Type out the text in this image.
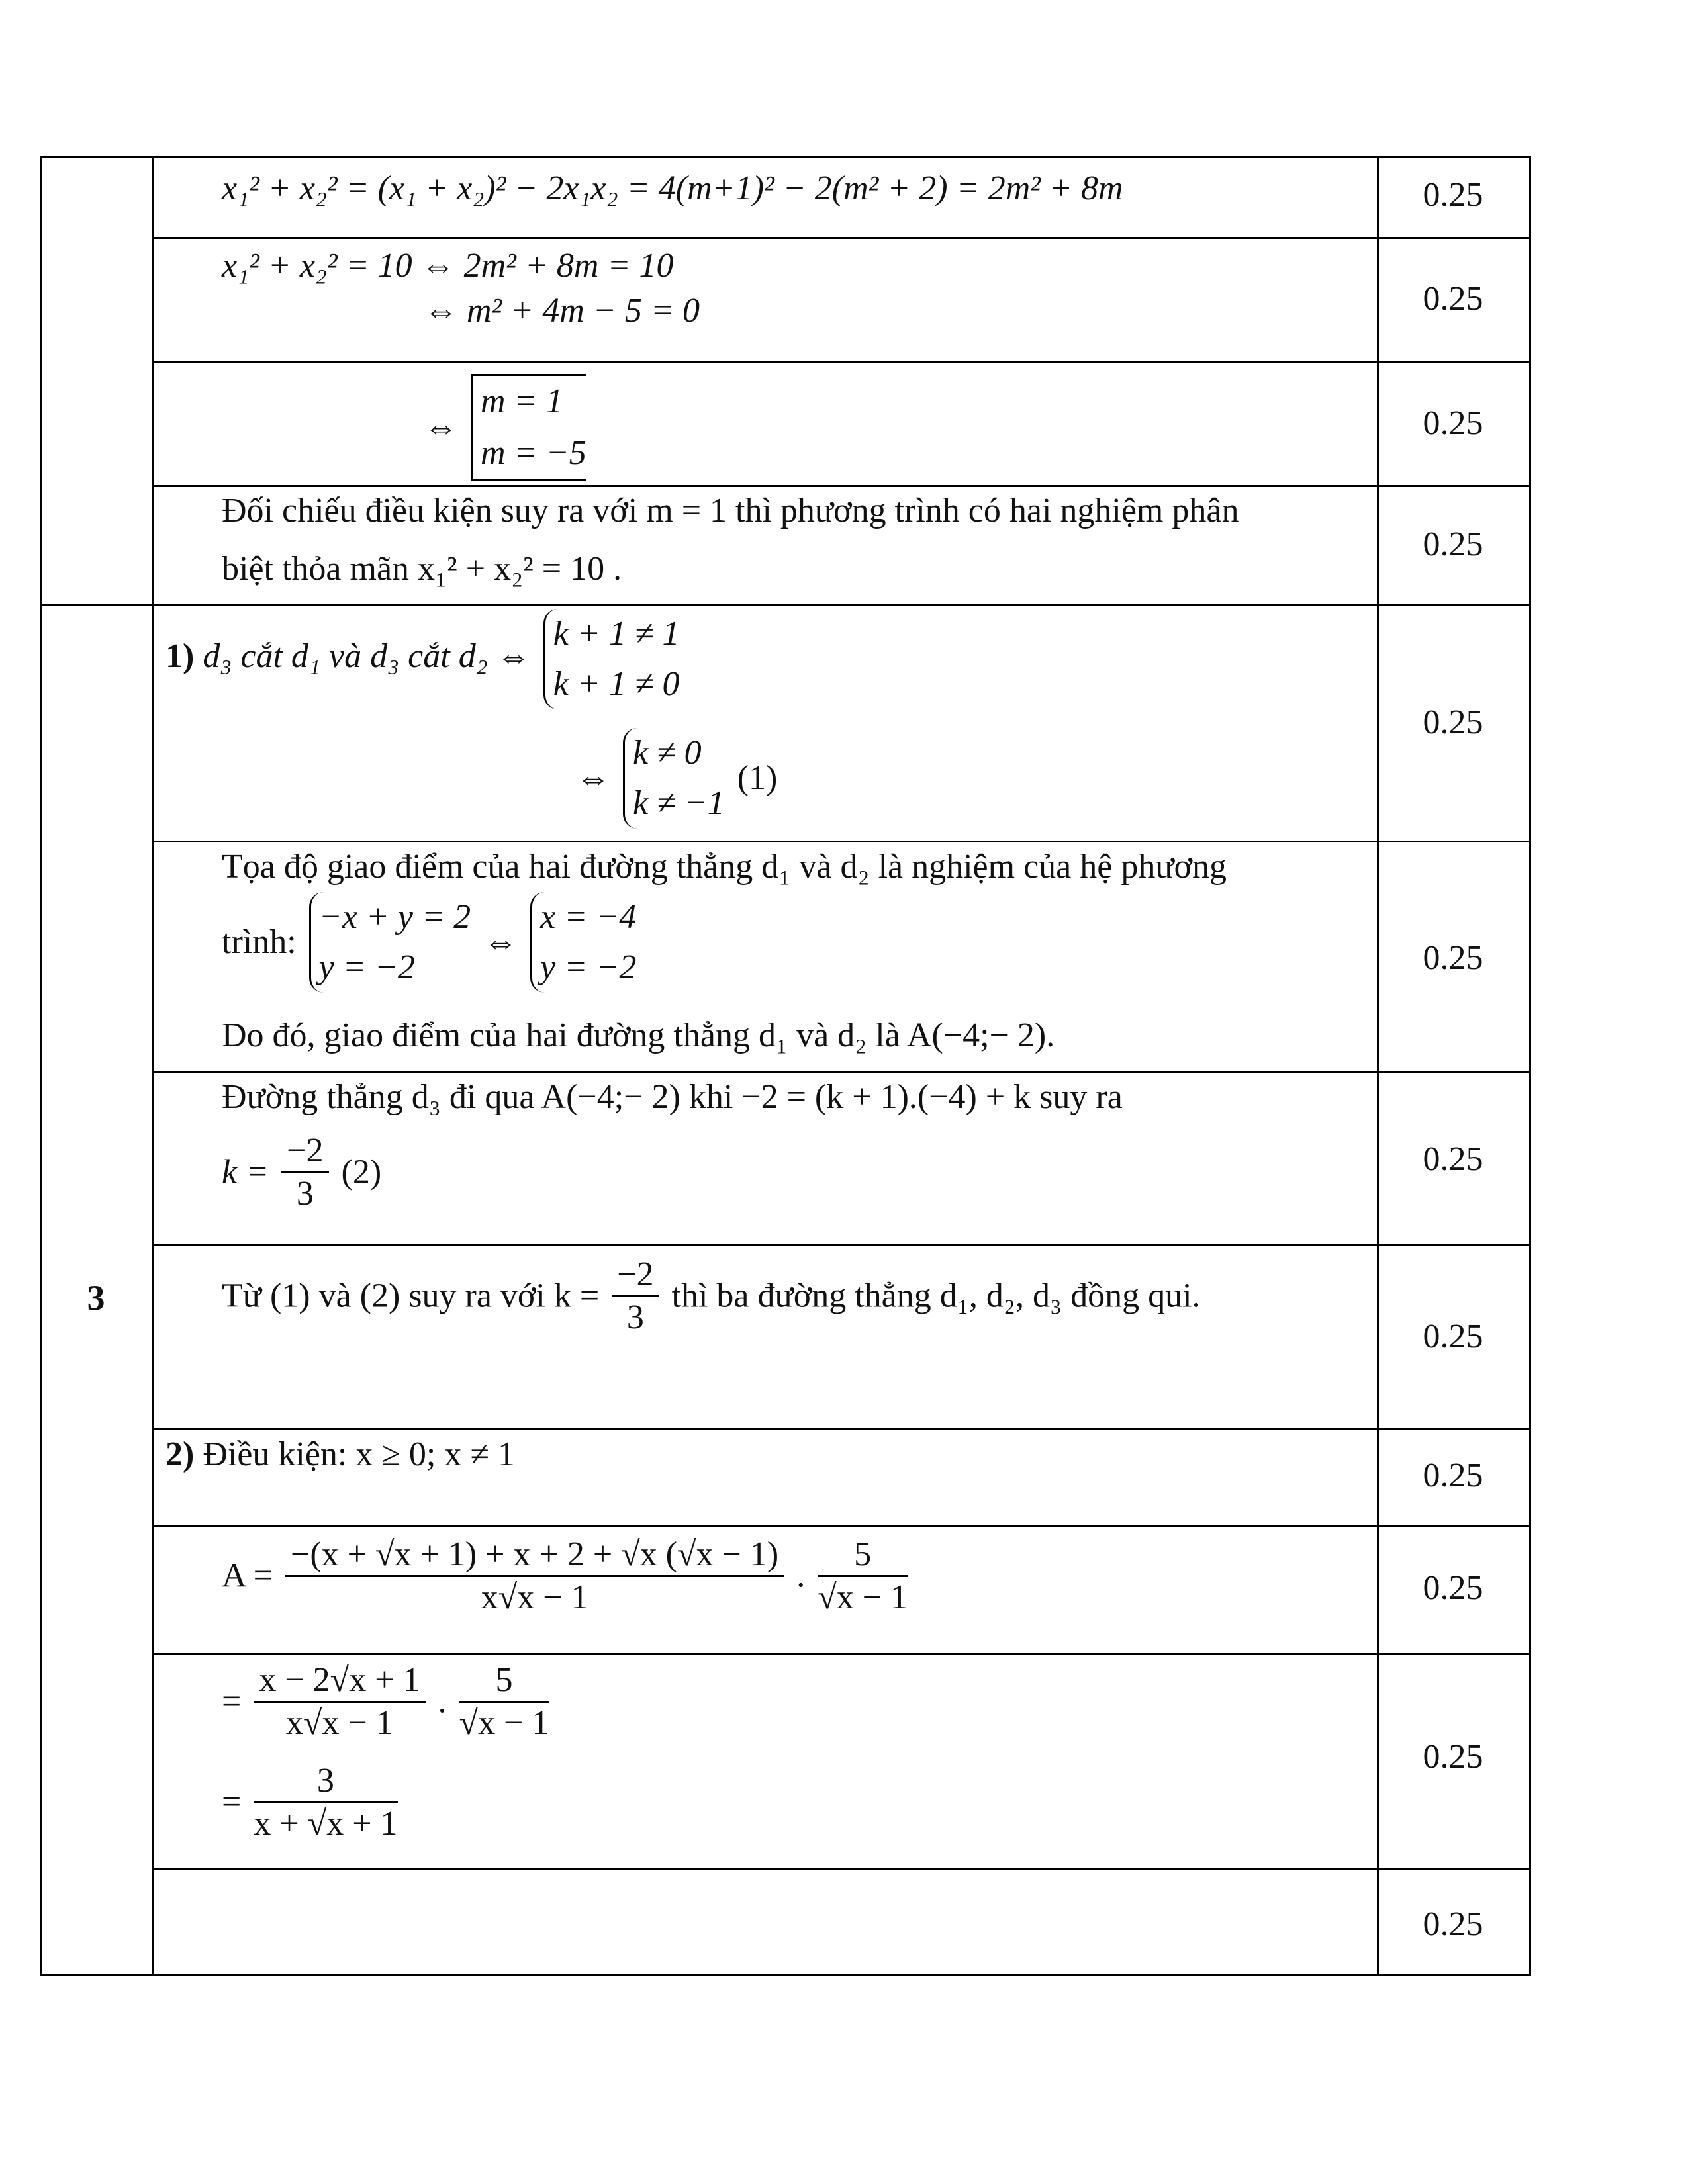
3
0.25
0.25
0.25
0.25
0.25
0.25
0.25
0.25
0.25
0.25
0.25
0.25
x₁² + x₂² = (x₁ + x₂)² − 2x₁x₂ = 4(m+1)² − 2(m² + 2) = 2m² + 8m
x₁² + x₂² = 10 ⇔ 2m² + 8m = 10
⇔ m² + 4m − 5 = 0
⇔
m = 1
m = −5
Đối chiếu điều kiện suy ra với m = 1 thì phương trình có hai nghiệm phân
biệt thỏa mãn x₁² + x₂² = 10 .
1) d₃ cắt d₁ và d₃ cắt d₂ ⇔
k + 1 ≠ 1
k + 1 ≠ 0
⇔
k ≠ 0
k ≠ −1
(1)
Tọa độ giao điểm của hai đường thẳng d₁ và d₂ là nghiệm của hệ phương
trình:
−x + y = 2
y = −2
⇔
x = −4
y = −2
Do đó, giao điểm của hai đường thẳng d₁ và d₂ là A(−4;− 2).
Đường thẳng d₃ đi qua A(−4;− 2) khi −2 = (k + 1).(−4) + k suy ra
$k = \frac{-2}{3} (2)$
Từ (1) và (2) suy ra với $k = \frac{-2}{3}$ thì ba đường thẳng d₁, d₂, d₃ đồng qui.
2) Điều kiện: x ≥ 0; x ≠ 1
$A = \frac{-(x + √x + 1) + x + 2 + √x (√x - 1)}{x√x - 1}$ . $\frac{5}{√x - 1}$
= $\frac{x - 2√x + 1}{x√x - 1}$ . $\frac{5}{√x - 1}$
= $\frac{3}{x + √x + 1}$
